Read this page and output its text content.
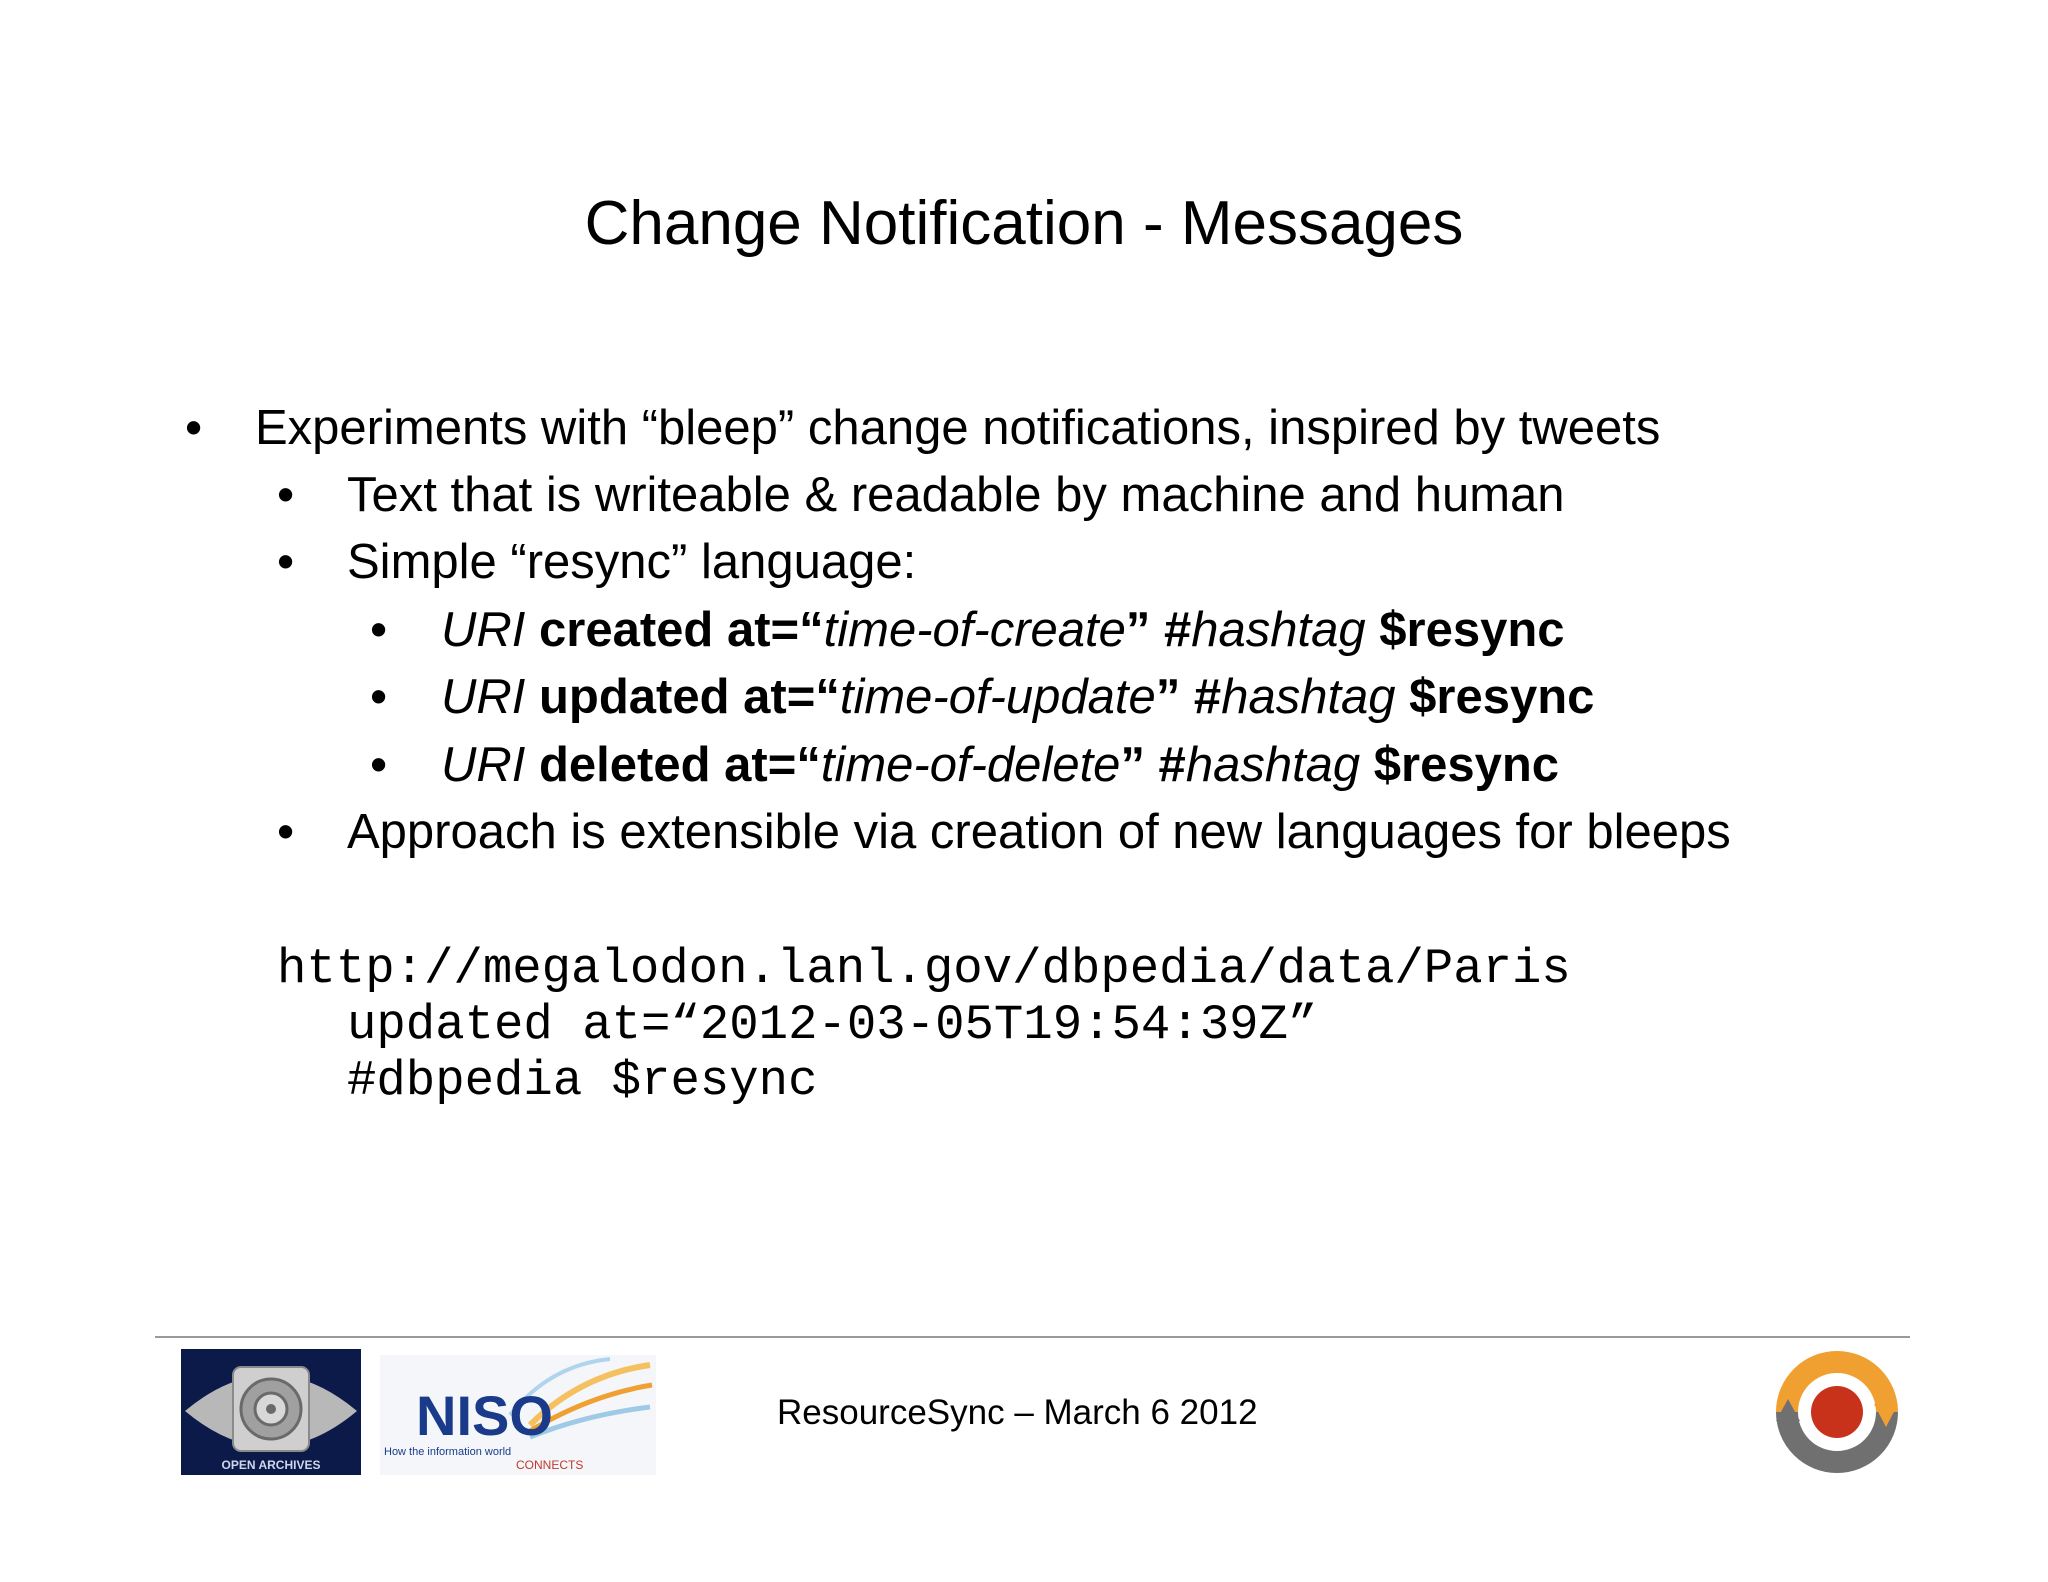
Change Notification - Messages
• Experiments with “bleep” change notifications, inspired by tweets
• Text that is writeable & readable by machine and human
• Simple “resync” language:
• URI created at=“time-of-create” #hashtag $resync
• URI updated at=“time-of-update” #hashtag $resync
• URI deleted at=“time-of-delete” #hashtag $resync
• Approach is extensible via creation of new languages for bleeps
http://megalodon.lanl.gov/dbpedia/data/Paris
updated at=“2012-03-05T19:54:39Z”
#dbpedia $resync
OPEN ARCHIVES
NISO
How the information world
CONNECTS
ResourceSync – March 6 2012
